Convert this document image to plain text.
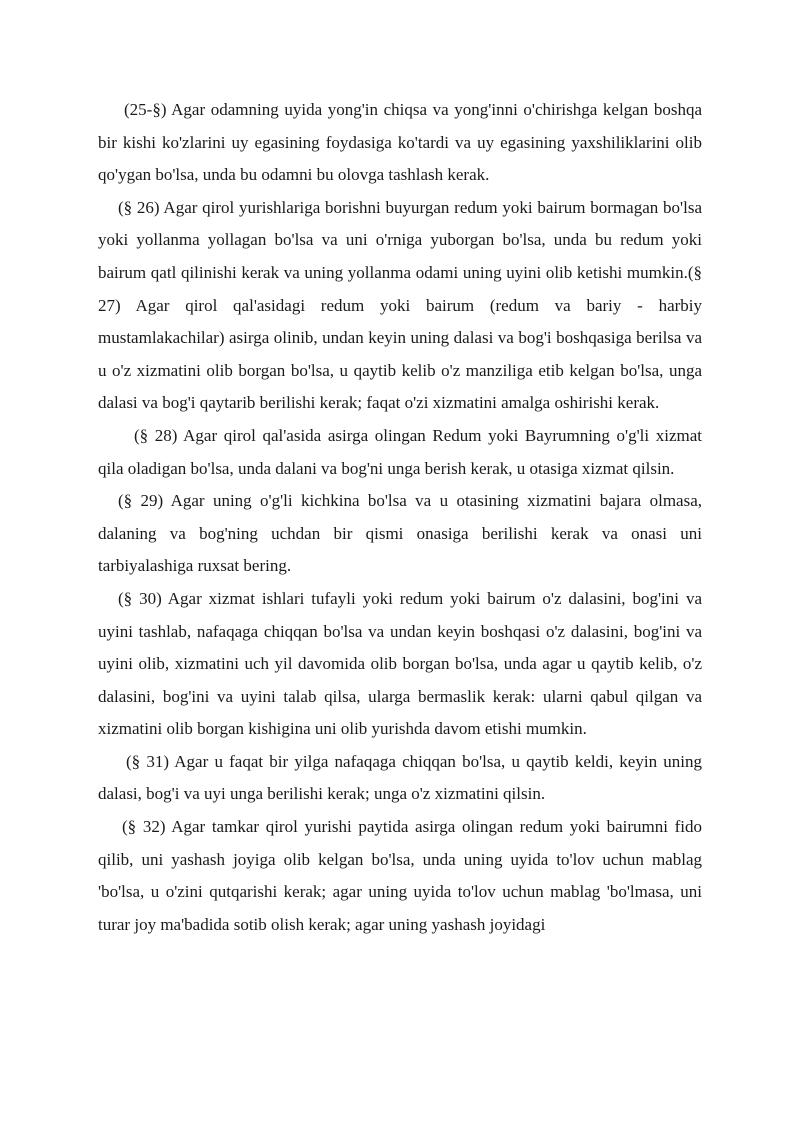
(25-§) Agar odamning uyida yong'in chiqsa va yong'inni o'chirishga kelgan boshqa bir kishi ko'zlarini uy egasining foydasiga ko'tardi va uy egasining yaxshiliklarini olib qo'ygan bo'lsa, unda bu odamni bu olovga tashlash kerak.

(§ 26) Agar qirol yurishlariga borishni buyurgan redum yoki bairum bormagan bo'lsa yoki yollanma yollagan bo'lsa va uni o'rniga yuborgan bo'lsa, unda bu redum yoki bairum qatl qilinishi kerak va uning yollanma odami uning uyini olib ketishi mumkin.(§ 27) Agar qirol qal'asidagi redum yoki bairum (redum va bariy - harbiy mustamlakachilar) asirga olinib, undan keyin uning dalasi va bog'i boshqasiga berilsa va u o'z xizmatini olib borgan bo'lsa, u qaytib kelib o'z manziliga etib kelgan bo'lsa, unga dalasi va bog'i qaytarib berilishi kerak; faqat o'zi xizmatini amalga oshirishi kerak.

(§ 28) Agar qirol qal'asida asirga olingan Redum yoki Bayrumning o'g'li xizmat qila oladigan bo'lsa, unda dalani va bog'ni unga berish kerak, u otasiga xizmat qilsin.

(§ 29) Agar uning o'g'li kichkina bo'lsa va u otasining xizmatini bajara olmasa, dalaning va bog'ning uchdan bir qismi onasiga berilishi kerak va onasi uni tarbiyalashiga ruxsat bering.

(§ 30) Agar xizmat ishlari tufayli yoki redum yoki bairum o'z dalasini, bog'ini va uyini tashlab, nafaqaga chiqqan bo'lsa va undan keyin boshqasi o'z dalasini, bog'ini va uyini olib, xizmatini uch yil davomida olib borgan bo'lsa, unda agar u qaytib kelib, o'z dalasini, bog'ini va uyini talab qilsa, ularga bermaslik kerak: ularni qabul qilgan va xizmatini olib borgan kishigina uni olib yurishda davom etishi mumkin.

(§ 31) Agar u faqat bir yilga nafaqaga chiqqan bo'lsa, u qaytib keldi, keyin uning dalasi, bog'i va uyi unga berilishi kerak; unga o'z xizmatini qilsin.

(§ 32) Agar tamkar qirol yurishi paytida asirga olingan redum yoki bairumni fido qilib, uni yashash joyiga olib kelgan bo'lsa, unda uning uyida to'lov uchun mablag 'bo'lsa, u o'zini qutqarishi kerak; agar uning uyida to'lov uchun mablag 'bo'lmasa, uni turar joy ma'badida sotib olish kerak; agar uning yashash joyidagi
